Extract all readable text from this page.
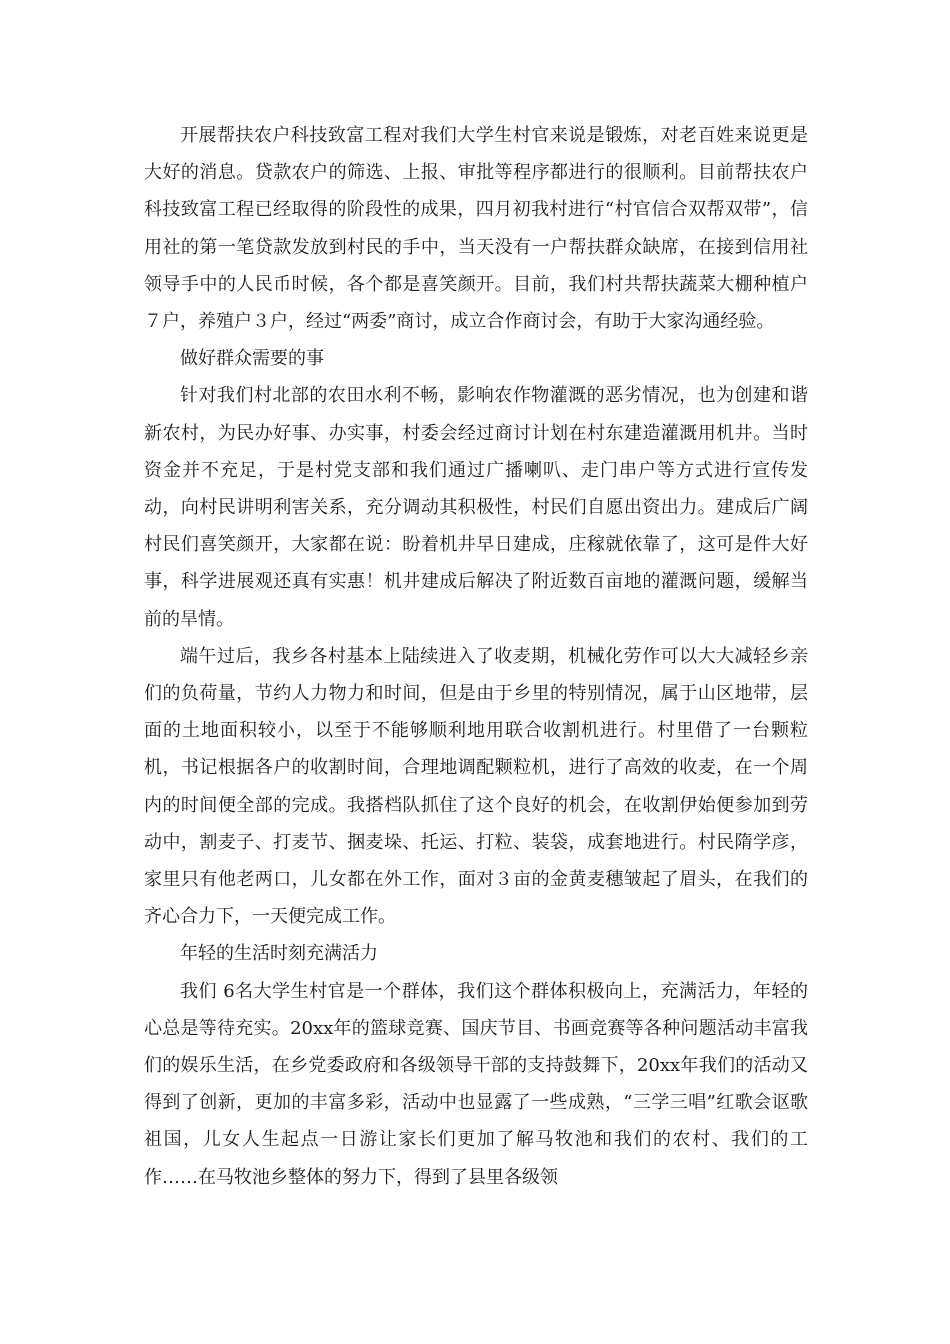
开展帮扶农户科技致富工程对我们大学生村官来说是锻炼，对老百姓来说更是大好的消息。贷款农户的筛选、上报、审批等程序都进行的很顺利。目前帮扶农户科技致富工程已经取得的阶段性的成果，四月初我村进行“村官信合双帮双带”，信用社的第一笔贷款发放到村民的手中，当天没有一户帮扶群众缺席，在接到信用社领导手中的人民币时候，各个都是喜笑颜开。目前，我们村共帮扶蔬菜大棚种植户７户，养殖户３户，经过“两委”商讨，成立合作商讨会，有助于大家沟通经验。

做好群众需要的事

针对我们村北部的农田水利不畅，影响农作物灌溉的恶劣情况，也为创建和谐新农村，为民办好事、办实事，村委会经过商讨计划在村东建造灌溉用机井。当时资金并不充足，于是村党支部和我们通过广播喇叭、走门串户等方式进行宣传发动，向村民讲明利害关系，充分调动其积极性，村民们自愿出资出力。建成后广阔村民们喜笑颜开，大家都在说：盼着机井早日建成，庄稼就依靠了，这可是件大好事，科学进展观还真有实惠！机井建成后解决了附近数百亩地的灌溉问题，缓解当前的旱情。

端午过后，我乡各村基本上陆续进入了收麦期，机械化劳作可以大大减轻乡亲们的负荷量，节约人力物力和时间，但是由于乡里的特别情况，属于山区地带，层面的土地面积较小，以至于不能够顺利地用联合收割机进行。村里借了一台颗粒机，书记根据各户的收割时间，合理地调配颗粒机，进行了高效的收麦，在一个周内的时间便全部的完成。我搭档队抓住了这个良好的机会，在收割伊始便参加到劳动中，割麦子、打麦节、捆麦垛、托运、打粒、装袋，成套地进行。村民隋学彦，家里只有他老两口，儿女都在外工作，面对３亩的金黄麦穗皱起了眉头，在我们的齐心合力下，一天便完成工作。

年轻的生活时刻充满活力

我们 6名大学生村官是一个群体，我们这个群体积极向上，充满活力，年轻的心总是等待充实。20xx年的篮球竞赛、国庆节目、书画竞赛等各种问题活动丰富我们的娱乐生活，在乡党委政府和各级领导干部的支持鼓舞下，20xx年我们的活动又得到了创新，更加的丰富多彩，活动中也显露了一些成熟，“三学三唱”红歌会讴歌祖国，儿女人生起点一日游让家长们更加了解马牧池和我们的农村、我们的工作……在马牧池乡整体的努力下，得到了县里各级领
